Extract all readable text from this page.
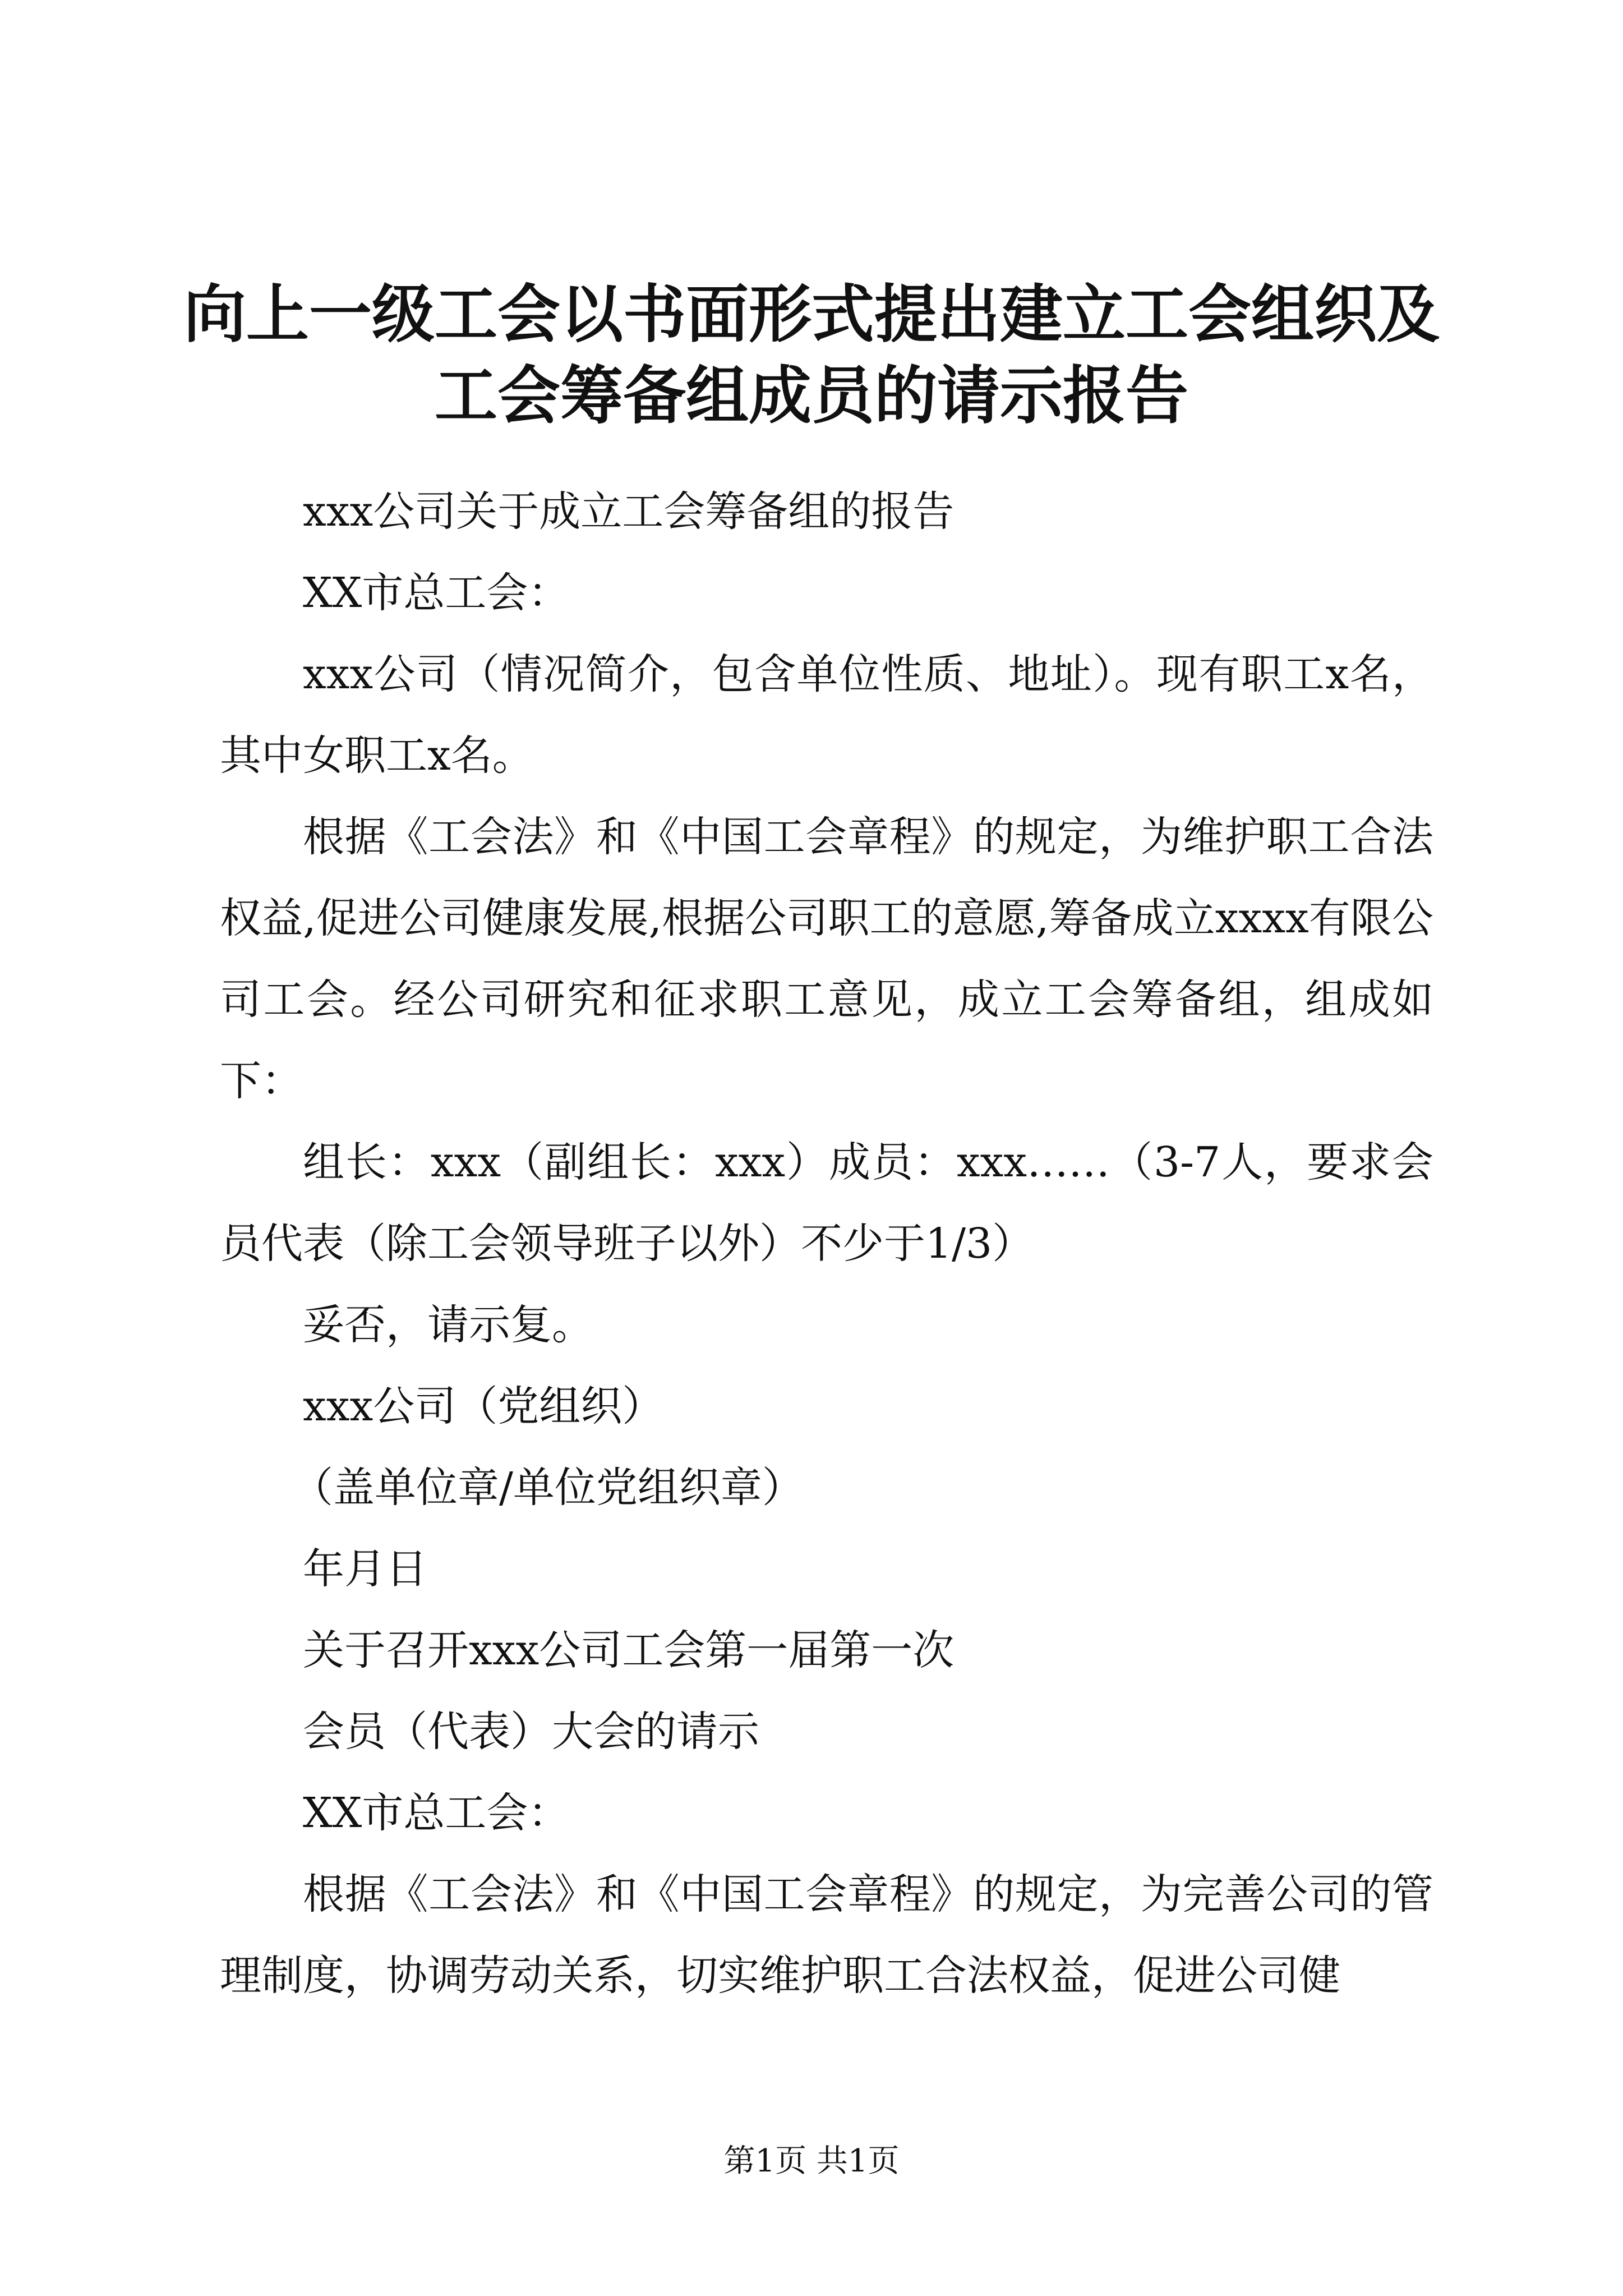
向上一级工会以书面形式提出建立工会组织及工会筹备组成员的请示报告

xxx公司关于成立工会筹备组的报告

XX市总工会：

xxx公司（情况简介，包含单位性质、地址）。现有职工x名，其中女职工x名。

根据《工会法》和《中国工会章程》的规定，为维护职工合法权益,促进公司健康发展,根据公司职工的意愿,筹备成立xxxx有限公司工会。经公司研究和征求职工意见，成立工会筹备组，组成如下：

组长：xxx（副组长：xxx）成员：xxx……（3-7人，要求会员代表（除工会领导班子以外）不少于1/3）

妥否，请示复。

xxx公司（党组织）

（盖单位章/单位党组织章）

年月日

关于召开xxx公司工会第一届第一次

会员（代表）大会的请示

XX市总工会：

根据《工会法》和《中国工会章程》的规定，为完善公司的管理制度，协调劳动关系，切实维护职工合法权益，促进公司健

第1页 共1页
